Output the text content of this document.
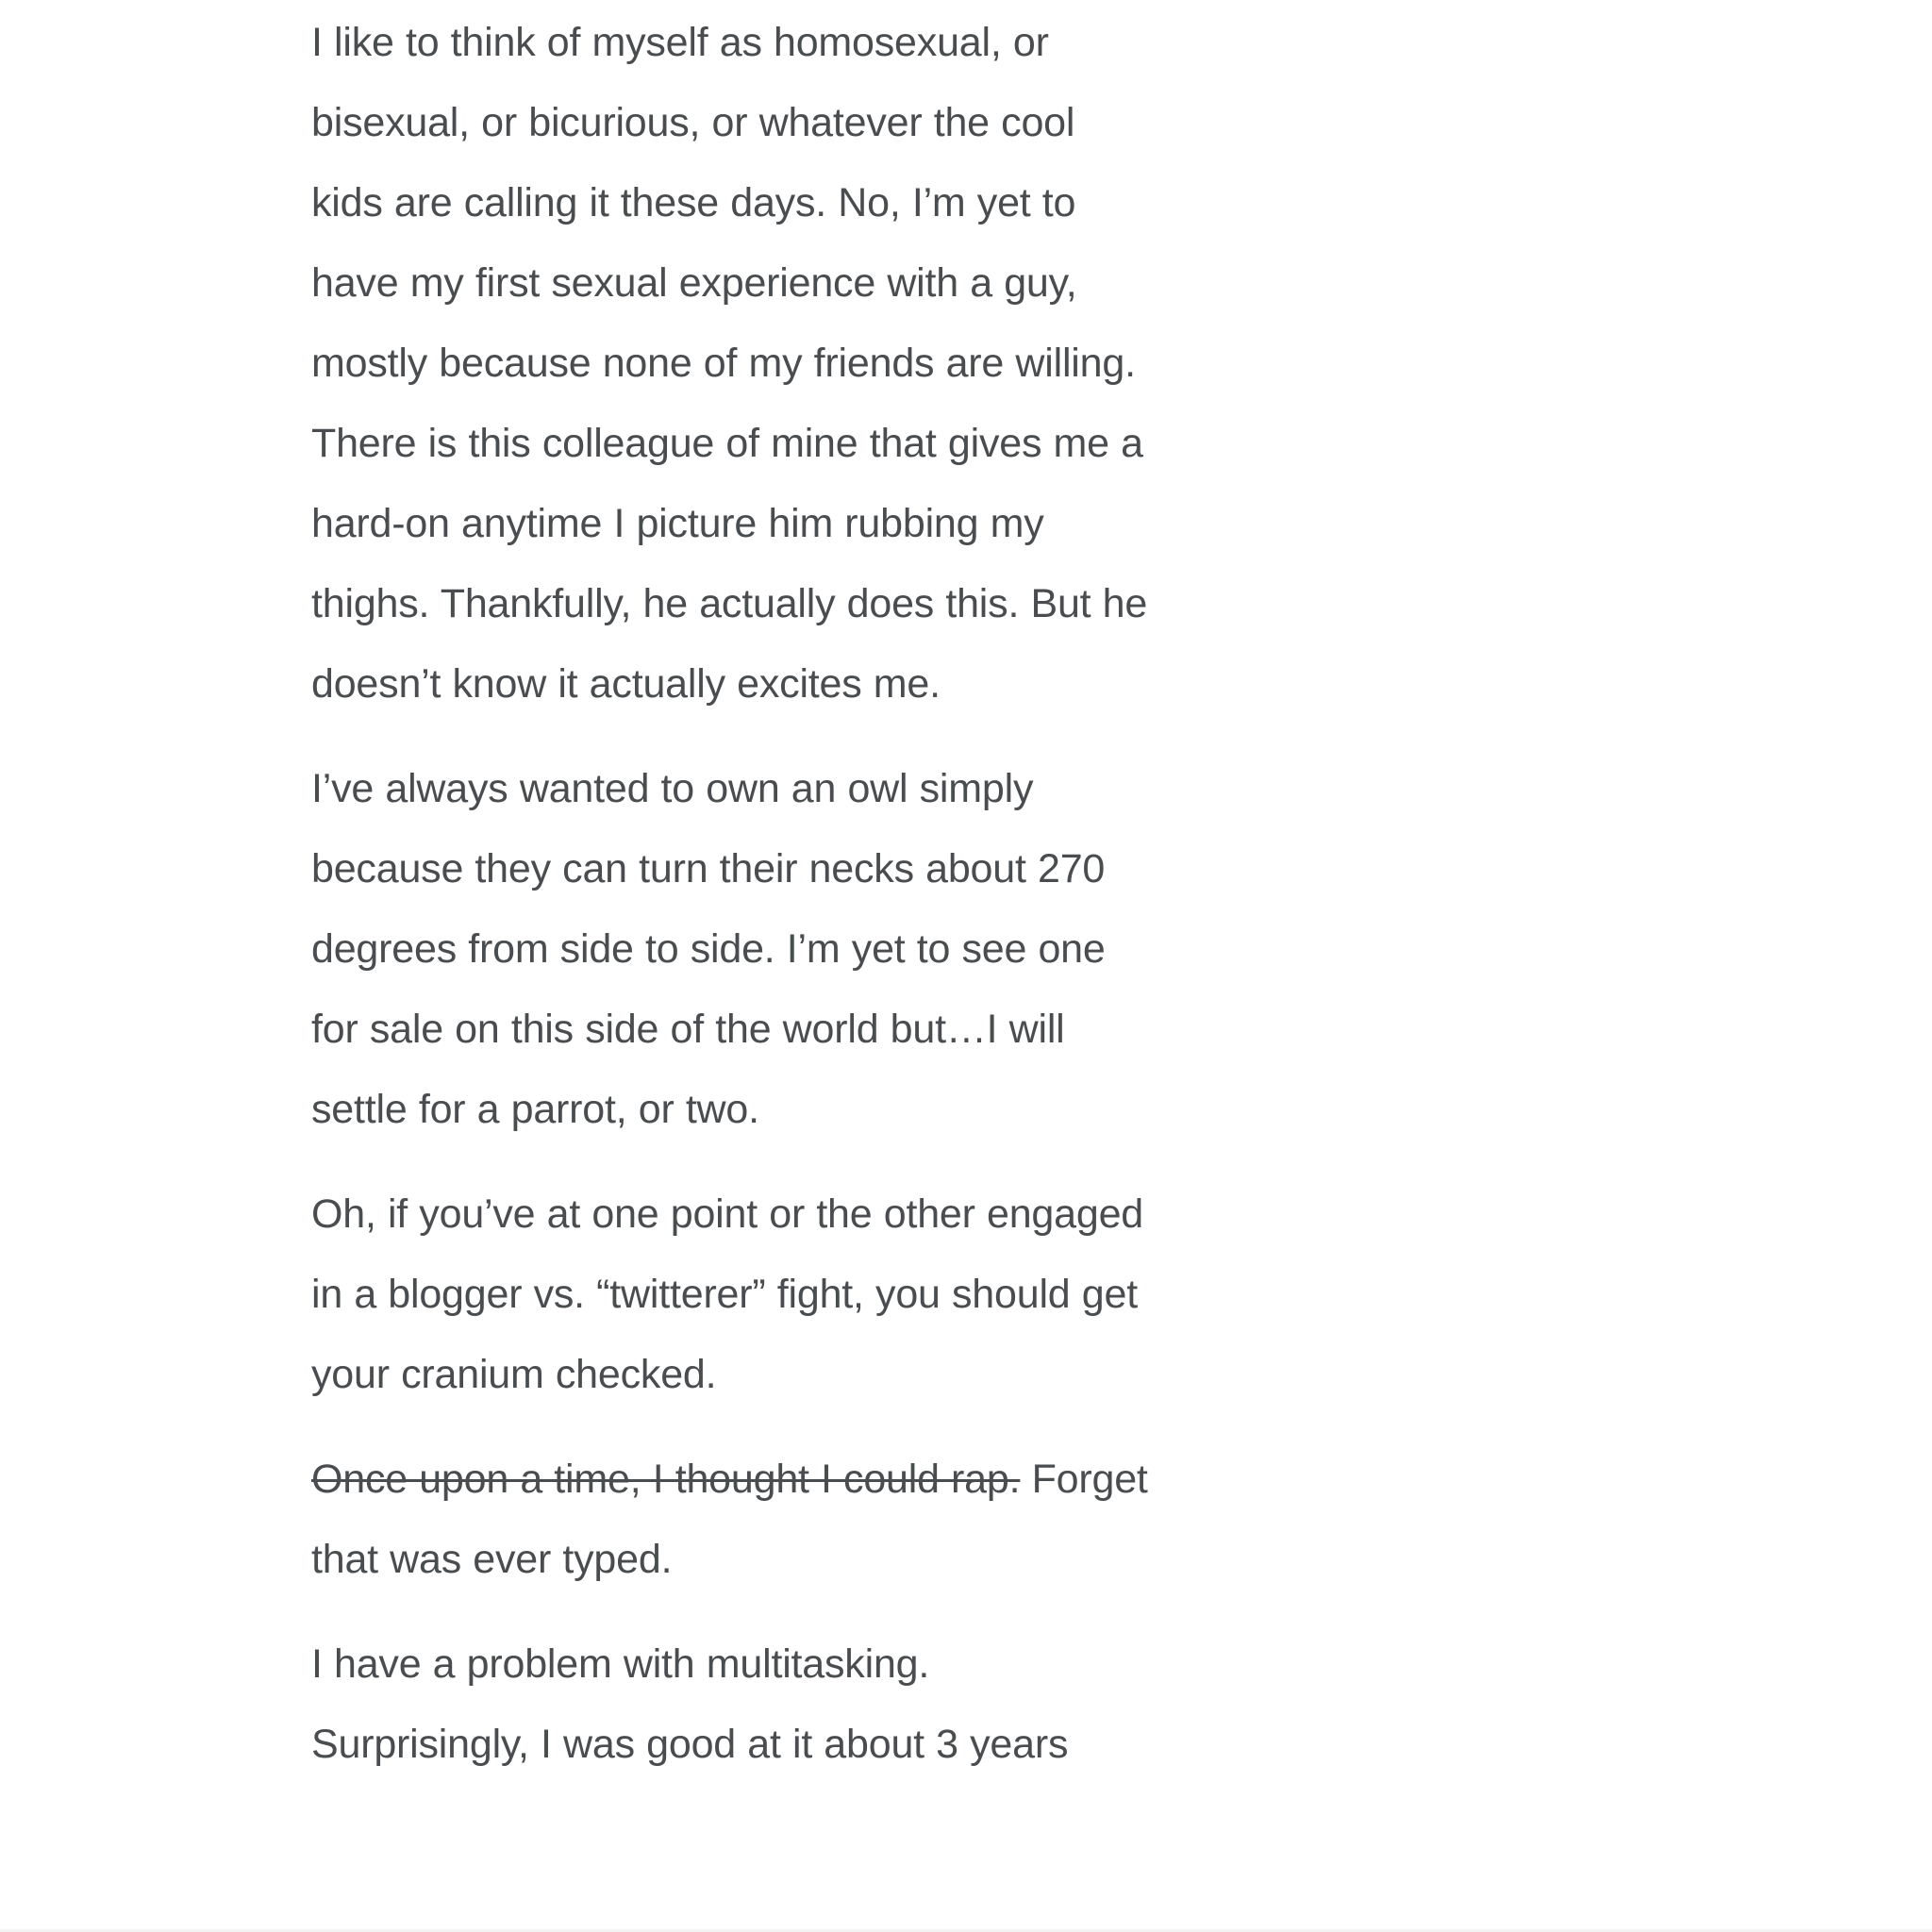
I like to think of myself as homosexual, or bisexual, or bicurious, or whatever the cool kids are calling it these days. No, I’m yet to have my first sexual experience with a guy, mostly because none of my friends are willing. There is this colleague of mine that gives me a hard-on anytime I picture him rubbing my thighs. Thankfully, he actually does this. But he doesn’t know it actually excites me.

I’ve always wanted to own an owl simply because they can turn their necks about 270 degrees from side to side. I’m yet to see one for sale on this side of the world but…I will settle for a parrot, or two.

Oh, if you’ve at one point or the other engaged in a blogger vs. “twitterer” fight, you should get your cranium checked.

Once upon a time, I thought I could rap. Forget that was ever typed.

I have a problem with multitasking. Surprisingly, I was good at it about 3 years
